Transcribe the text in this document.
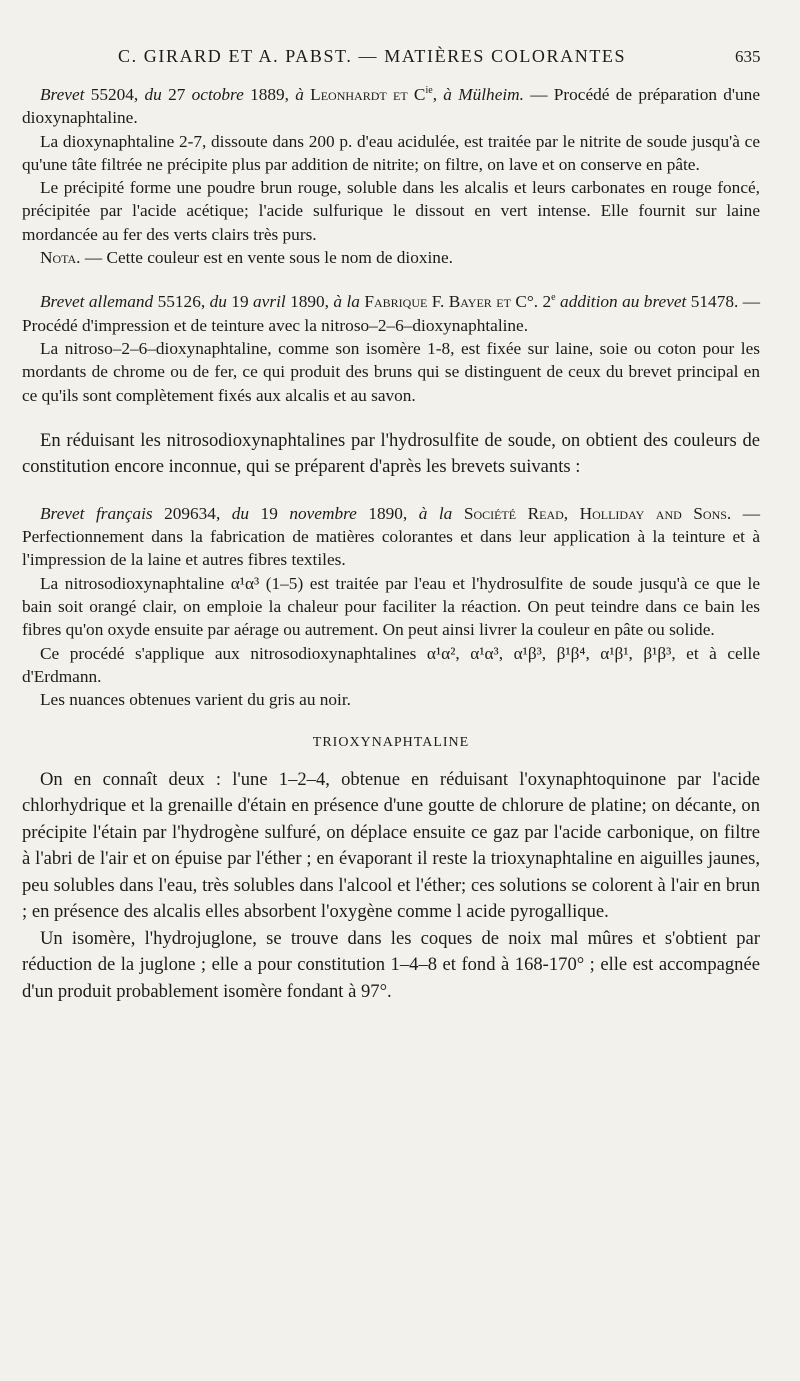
C. GIRARD ET A. PABST. — MATIÈRES COLORANTES	635

Brevet 55204, du 27 octobre 1889, à Leonhardt et $C^{ie}$, à Mülheim. — Procédé de préparation d'une dioxynaphtaline.

La dioxynaphtaline 2-7, dissoute dans 200 p. d'eau acidulée, est traitée par le nitrite de soude jusqu'à ce qu'une tâte filtrée ne précipite plus par addition de nitrite; on filtre, on lave et on conserve en pâte.

Le précipité forme une poudre brun rouge, soluble dans les alcalis et leurs carbonates en rouge foncé, précipitée par l'acide acétique; l'acide sulfurique le dissout en vert intense. Elle fournit sur laine mordancée au fer des verts clairs très purs.

Nota. — Cette couleur est en vente sous le nom de dioxine.

Brevet allemand 55126, du 19 avril 1890, à la Fabrique F. Bayer et C°. 2e addition au brevet 51478. — Procédé d'impression et de teinture avec la nitroso–2–6–dioxynaphtaline.

La nitroso–2–6–dioxynaphtaline, comme son isomère 1-8, est fixée sur laine, soie ou coton pour les mordants de chrome ou de fer, ce qui produit des bruns qui se distinguent de ceux du brevet principal en ce qu'ils sont complètement fixés aux alcalis et au savon.

En réduisant les nitrosodioxynaphtalines par l'hydrosulfite de soude, on obtient des couleurs de constitution encore inconnue, qui se préparent d'après les brevets suivants :

Brevet français 209634, du 19 novembre 1890, à la Société Read, Holliday and Sons. — Perfectionnement dans la fabrication de matières colorantes et dans leur application à la teinture et à l'impression de la laine et autres fibres textiles.

La nitrosodioxynaphtaline α¹α³ (1–5) est traitée par l'eau et l'hydrosulfite de soude jusqu'à ce que le bain soit orangé clair, on emploie la chaleur pour faciliter la réaction. On peut teindre dans ce bain les fibres qu'on oxyde ensuite par aérage ou autrement. On peut ainsi livrer la couleur en pâte ou solide.

Ce procédé s'applique aux nitrosodioxynaphtalines α¹α², α¹α³, α¹β³, β¹β⁴, α¹β¹, β¹β³, et à celle d'Erdmann.

Les nuances obtenues varient du gris au noir.

TRIOXYNAPHTALINE

On en connaît deux : l'une 1–2–4, obtenue en réduisant l'oxynaphtoquinone par l'acide chlorhydrique et la grenaille d'étain en présence d'une goutte de chlorure de platine; on décante, on précipite l'étain par l'hydrogène sulfuré, on déplace ensuite ce gaz par l'acide carbonique, on filtre à l'abri de l'air et on épuise par l'éther ; en évaporant il reste la trioxynaphtaline en aiguilles jaunes, peu solubles dans l'eau, très solubles dans l'alcool et l'éther; ces solutions se colorent à l'air en brun ; en présence des alcalis elles absorbent l'oxygène comme l acide pyrogallique.

Un isomère, l'hydrojuglone, se trouve dans les coques de noix mal mûres et s'obtient par réduction de la juglone ; elle a pour constitution 1–4–8 et fond à 168-170° ; elle est accompagnée d'un produit probablement isomère fondant à 97°.
